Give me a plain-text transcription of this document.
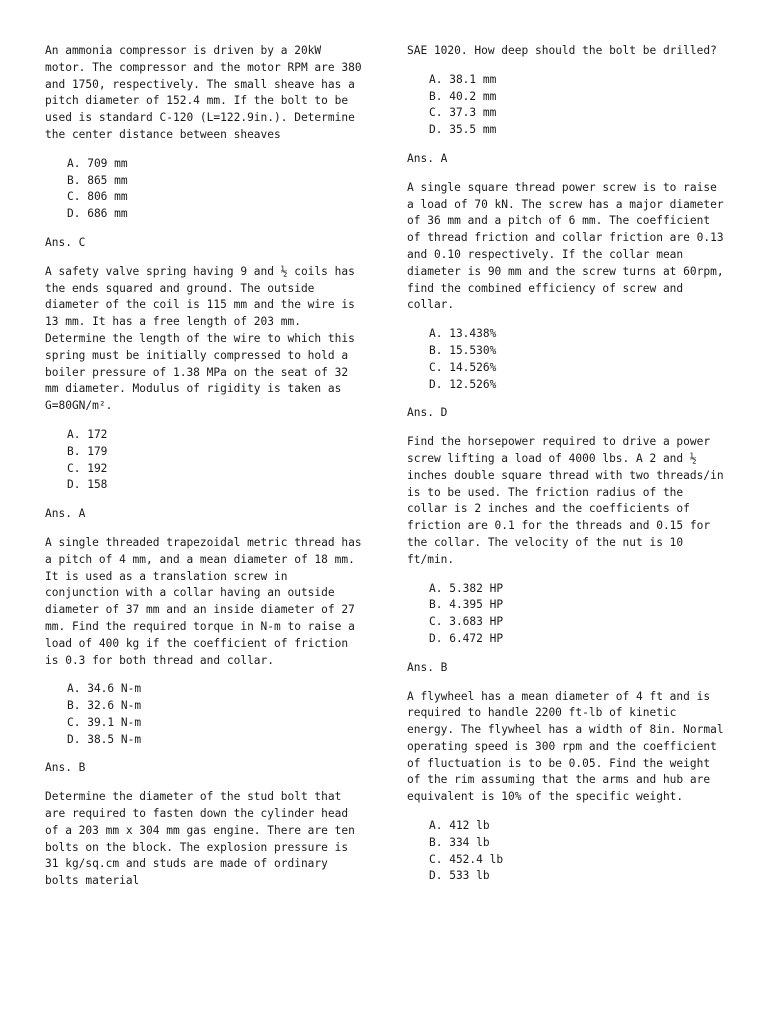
An ammonia compressor is driven by a 20kW motor. The compressor and the motor RPM are 380 and 1750, respectively. The small sheave has a pitch diameter of 152.4 mm. If the bolt to be used is standard C-120 (L=122.9in.). Determine the center distance between sheaves

A. 709 mm
B. 865 mm
C. 806 mm
D. 686 mm

Ans. C

A safety valve spring having 9 and ½ coils has the ends squared and ground. The outside diameter of the coil is 115 mm and the wire is 13 mm. It has a free length of 203 mm. Determine the length of the wire to which this spring must be initially compressed to hold a boiler pressure of 1.38 MPa on the seat of 32 mm diameter. Modulus of rigidity is taken as G=80GN/m².

A. 172
B. 179
C. 192
D. 158

Ans. A

A single threaded trapezoidal metric thread has a pitch of 4 mm, and a mean diameter of 18 mm. It is used as a translation screw in conjunction with a collar having an outside diameter of 37 mm and an inside diameter of 27 mm. Find the required torque in N-m to raise a load of 400 kg if the coefficient of friction is 0.3 for both thread and collar.

A. 34.6 N-m
B. 32.6 N-m
C. 39.1 N-m
D. 38.5 N-m

Ans. B

Determine the diameter of the stud bolt that are required to fasten down the cylinder head of a 203 mm x 304 mm gas engine. There are ten bolts on the block. The explosion pressure is 31 kg/sq.cm and studs are made of ordinary bolts material

SAE 1020. How deep should the bolt be drilled?

A. 38.1 mm
B. 40.2 mm
C. 37.3 mm
D. 35.5 mm

Ans. A

A single square thread power screw is to raise a load of 70 kN. The screw has a major diameter of 36 mm and a pitch of 6 mm. The coefficient of thread friction and collar friction are 0.13 and 0.10 respectively. If the collar mean diameter is 90 mm and the screw turns at 60rpm, find the combined efficiency of screw and collar.

A. 13.438%
B. 15.530%
C. 14.526%
D. 12.526%

Ans. D

Find the horsepower required to drive a power screw lifting a load of 4000 lbs. A 2 and ½ inches double square thread with two threads/in is to be used. The friction radius of the collar is 2 inches and the coefficients of friction are 0.1 for the threads and 0.15 for the collar. The velocity of the nut is 10 ft/min.

A. 5.382 HP
B. 4.395 HP
C. 3.683 HP
D. 6.472 HP

Ans. B

A flywheel has a mean diameter of 4 ft and is required to handle 2200 ft-lb of kinetic energy. The flywheel has a width of 8in. Normal operating speed is 300 rpm and the coefficient of fluctuation is to be 0.05. Find the weight of the rim assuming that the arms and hub are equivalent is 10% of the specific weight.

A. 412 lb
B. 334 lb
C. 452.4 lb
D. 533 lb
